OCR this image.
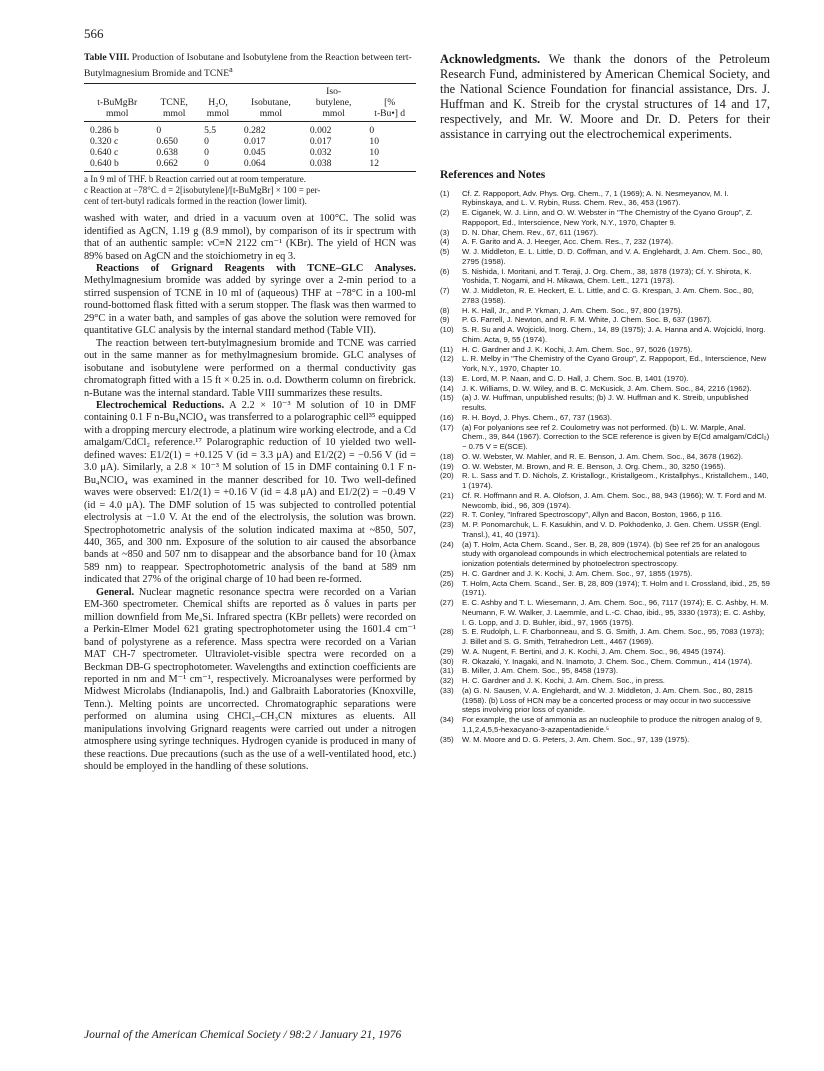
566
Table VIII. Production of Isobutane and Isobutylene from the Reaction between tert-Butylmagnesium Bromide and TCNE$^a$
				Iso-	
t-BuMgBr	TCNE,	H₂O,	Isobutane,	butylene,	[%
mmol	mmol	mmol	mmol	mmol	t-Bu•] d
0.286 b	0	5.5	0.282	0.002	0
0.320 c	0.650	0	0.017	0.017	10
0.640 c	0.638	0	0.045	0.032	10
0.640 b	0.662	0	0.064	0.038	12
a In 9 ml of THF. b Reaction carried out at room temperature.
c Reaction at −78°C. d = 2[isobutylene]/[t-BuMgBr] × 100 = per-
cent of tert-butyl radicals formed in the reaction (lower limit).

washed with water, and dried in a vacuum oven at 100°C. The solid was identified as AgCN, 1.19 g (8.9 mmol), by comparison of its ir spectrum with that of an authentic sample: νC≡N 2122 cm⁻¹ (KBr). The yield of HCN was 89% based on AgCN and the stoichiometry in eq 3.

Reactions of Grignard Reagents with TCNE–GLC Analyses. Methylmagnesium bromide was added by syringe over a 2-min period to a stirred suspension of TCNE in 10 ml of (aqueous) THF at −78°C in a 100-ml round-bottomed flask fitted with a serum stopper. The flask was then warmed to 29°C in a water bath, and samples of gas above the solution were removed for quantitative GLC analysis by the internal standard method (Table VII).

The reaction between tert-butylmagnesium bromide and TCNE was carried out in the same manner as for methylmagnesium bromide. GLC analyses of isobutane and isobutylene were performed on a thermal conductivity gas chromatograph fitted with a 15 ft × 0.25 in. o.d. Dowtherm column on firebrick. n-Butane was the internal standard. Table VIII summarizes these results.

Electrochemical Reductions. A 2.2 × 10⁻³ M solution of 10 in DMF containing 0.1 F n-Bu₄NClO₄ was transferred to a polarographic cell³⁵ equipped with a dropping mercury electrode, a platinum wire working electrode, and a Cd amalgam/CdCl₂ reference.¹⁷ Polarographic reduction of 10 yielded two well-defined waves: E1/2(1) = +0.125 V (id = 3.3 μA) and E1/2(2) = −0.56 V (id = 3.0 μA). Similarly, a 2.8 × 10⁻³ M solution of 15 in DMF containing 0.1 F n-Bu₄NClO₄ was examined in the manner described for 10. Two well-defined waves were observed: E1/2(1) = +0.16 V (id = 4.8 μA) and E1/2(2) = −0.49 V (id = 4.0 μA). The DMF solution of 15 was subjected to controlled potential electrolysis at −1.0 V. At the end of the electrolysis, the solution was brown. Spectrophotometric analysis of the solution indicated maxima at ~850, 507, 440, 365, and 300 nm. Exposure of the solution to air caused the absorbance bands at ~850 and 507 nm to disappear and the absorbance band for 10 (λmax 589 nm) to reappear. Spectrophotometric analysis of the band at 589 nm indicated that 27% of the original charge of 10 had been re-formed.

General. Nuclear magnetic resonance spectra were recorded on a Varian EM-360 spectrometer. Chemical shifts are reported as δ values in parts per million downfield from Me₄Si. Infrared spectra (KBr pellets) were recorded on a Perkin-Elmer Model 621 grating spectrophotometer using the 1601.4 cm⁻¹ band of polystyrene as a reference. Mass spectra were recorded on a Varian MAT CH-7 spectrometer. Ultraviolet-visible spectra were recorded on a Beckman DB-G spectrophotometer. Wavelengths and extinction coefficients are reported in nm and M⁻¹ cm⁻¹, respectively. Microanalyses were performed by Midwest Microlabs (Indianapolis, Ind.) and Galbraith Laboratories (Knoxville, Tenn.). Melting points are uncorrected. Chromatographic separations were performed on alumina using CHCl₃–CH₃CN mixtures as eluents. All manipulations involving Grignard reagents were carried out under a nitrogen atmosphere using syringe techniques. Hydrogen cyanide is produced in many of these reactions. Due precautions (such as the use of a well-ventilated hood, etc.) should be employed in the handling of these solutions.

Acknowledgments. We thank the donors of the Petroleum Research Fund, administered by American Chemical Society, and the National Science Foundation for financial assistance, Drs. J. Huffman and K. Streib for the crystal structures of 14 and 17, respectively, and Mr. W. Moore and Dr. D. Peters for their assistance in carrying out the electrochemical experiments.

References and Notes
(1) Cf. Z. Rappoport, Adv. Phys. Org. Chem., 7, 1 (1969); A. N. Nesmeyanov, M. I. Rybinskaya, and L. V. Rybin, Russ. Chem. Rev., 36, 453 (1967).
(2) E. Ciganek, W. J. Linn, and O. W. Webster in "The Chemistry of the Cyano Group", Z. Rappoport, Ed., Interscience, New York, N.Y., 1970, Chapter 9.
(3) D. N. Dhar, Chem. Rev., 67, 611 (1967).
(4) A. F. Garito and A. J. Heeger, Acc. Chem. Res., 7, 232 (1974).
(5) W. J. Middleton, E. L. Little, D. D. Coffman, and V. A. Englehardt, J. Am. Chem. Soc., 80, 2795 (1958).
(6) S. Nishida, I. Moritani, and T. Teraji, J. Org. Chem., 38, 1878 (1973); Cf. Y. Shirota, K. Yoshida, T. Nogami, and H. Mikawa, Chem. Lett., 1271 (1973).
(7) W. J. Middleton, R. E. Heckert, E. L. Little, and C. G. Krespan, J. Am. Chem. Soc., 80, 2783 (1958).
(8) H. K. Hall, Jr., and P. Ykman, J. Am. Chem. Soc., 97, 800 (1975).
(9) P. G. Farrell, J. Newton, and R. F. M. White, J. Chem. Soc. B, 637 (1967).
(10) S. R. Su and A. Wojcicki, Inorg. Chem., 14, 89 (1975); J. A. Hanna and A. Wojcicki, Inorg. Chim. Acta, 9, 55 (1974).
(11) H. C. Gardner and J. K. Kochi, J. Am. Chem. Soc., 97, 5026 (1975).
(12) L. R. Melby in "The Chemistry of the Cyano Group", Z. Rappoport, Ed., Interscience, New York, N.Y., 1970, Chapter 10.
(13) E. Lord, M. P. Naan, and C. D. Hall, J. Chem. Soc. B, 1401 (1970).
(14) J. K. Williams, D. W. Wiley, and B. C. McKusick, J. Am. Chem. Soc., 84, 2216 (1962).
(15) (a) J. W. Huffman, unpublished results; (b) J. W. Huffman and K. Streib, unpublished results.
(16) R. H. Boyd, J. Phys. Chem., 67, 737 (1963).
(17) (a) For polyanions see ref 2. Coulometry was not performed. (b) L. W. Marple, Anal. Chem., 39, 844 (1967). Correction to the SCE reference is given by E(Cd amalgam/CdCl₂) − 0.75 V = E(SCE).
(18) O. W. Webster, W. Mahler, and R. E. Benson, J. Am. Chem. Soc., 84, 3678 (1962).
(19) O. W. Webster, M. Brown, and R. E. Benson, J. Org. Chem., 30, 3250 (1965).
(20) R. L. Sass and T. D. Nichols, Z. Kristallogr., Kristallgeom., Kristallphys., Kristallchem., 140, 1 (1974).
(21) Cf. R. Hoffmann and R. A. Olofson, J. Am. Chem. Soc., 88, 943 (1966); W. T. Ford and M. Newcomb, ibid., 96, 309 (1974).
(22) R. T. Conley, "Infrared Spectroscopy", Allyn and Bacon, Boston, 1966, p 116.
(23) M. P. Ponomarchuk, L. F. Kasukhin, and V. D. Pokhodenko, J. Gen. Chem. USSR (Engl. Transl.), 41, 40 (1971).
(24) (a) T. Holm, Acta Chem. Scand., Ser. B, 28, 809 (1974). (b) See ref 25 for an analogous study with organolead compounds in which electrochemical potentials are related to ionization potentials determined by photoelectron spectroscopy.
(25) H. C. Gardner and J. K. Kochi, J. Am. Chem. Soc., 97, 1855 (1975).
(26) T. Holm, Acta Chem. Scand., Ser. B, 28, 809 (1974); T. Holm and I. Crossland, ibid., 25, 59 (1971).
(27) E. C. Ashby and T. L. Wiesemann, J. Am. Chem. Soc., 96, 7117 (1974); E. C. Ashby, H. M. Neumann, F. W. Walker, J. Laemmle, and L.-C. Chao, ibid., 95, 3330 (1973); E. C. Ashby, I. G. Lopp, and J. D. Buhler, ibid., 97, 1965 (1975).
(28) S. E. Rudolph, L. F. Charbonneau, and S. G. Smith, J. Am. Chem. Soc., 95, 7083 (1973); J. Billet and S. G. Smith, Tetrahedron Lett., 4467 (1969).
(29) W. A. Nugent, F. Bertini, and J. K. Kochi, J. Am. Chem. Soc., 96, 4945 (1974).
(30) R. Okazaki, Y. Inagaki, and N. Inamoto, J. Chem. Soc., Chem. Commun., 414 (1974).
(31) B. Miller, J. Am. Chem. Soc., 95, 8458 (1973).
(32) H. C. Gardner and J. K. Kochi, J. Am. Chem. Soc., in press.
(33) (a) G. N. Sausen, V. A. Englehardt, and W. J. Middleton, J. Am. Chem. Soc., 80, 2815 (1958). (b) Loss of HCN may be a concerted process or may occur in two successive steps involving prior loss of cyanide.
(34) For example, the use of ammonia as an nucleophile to produce the nitrogen analog of 9, 1,1,2,4,5,5-hexacyano-3-azapentadienide.⁵
(35) W. M. Moore and D. G. Peters, J. Am. Chem. Soc., 97, 139 (1975).
Journal of the American Chemical Society / 98:2 / January 21, 1976
